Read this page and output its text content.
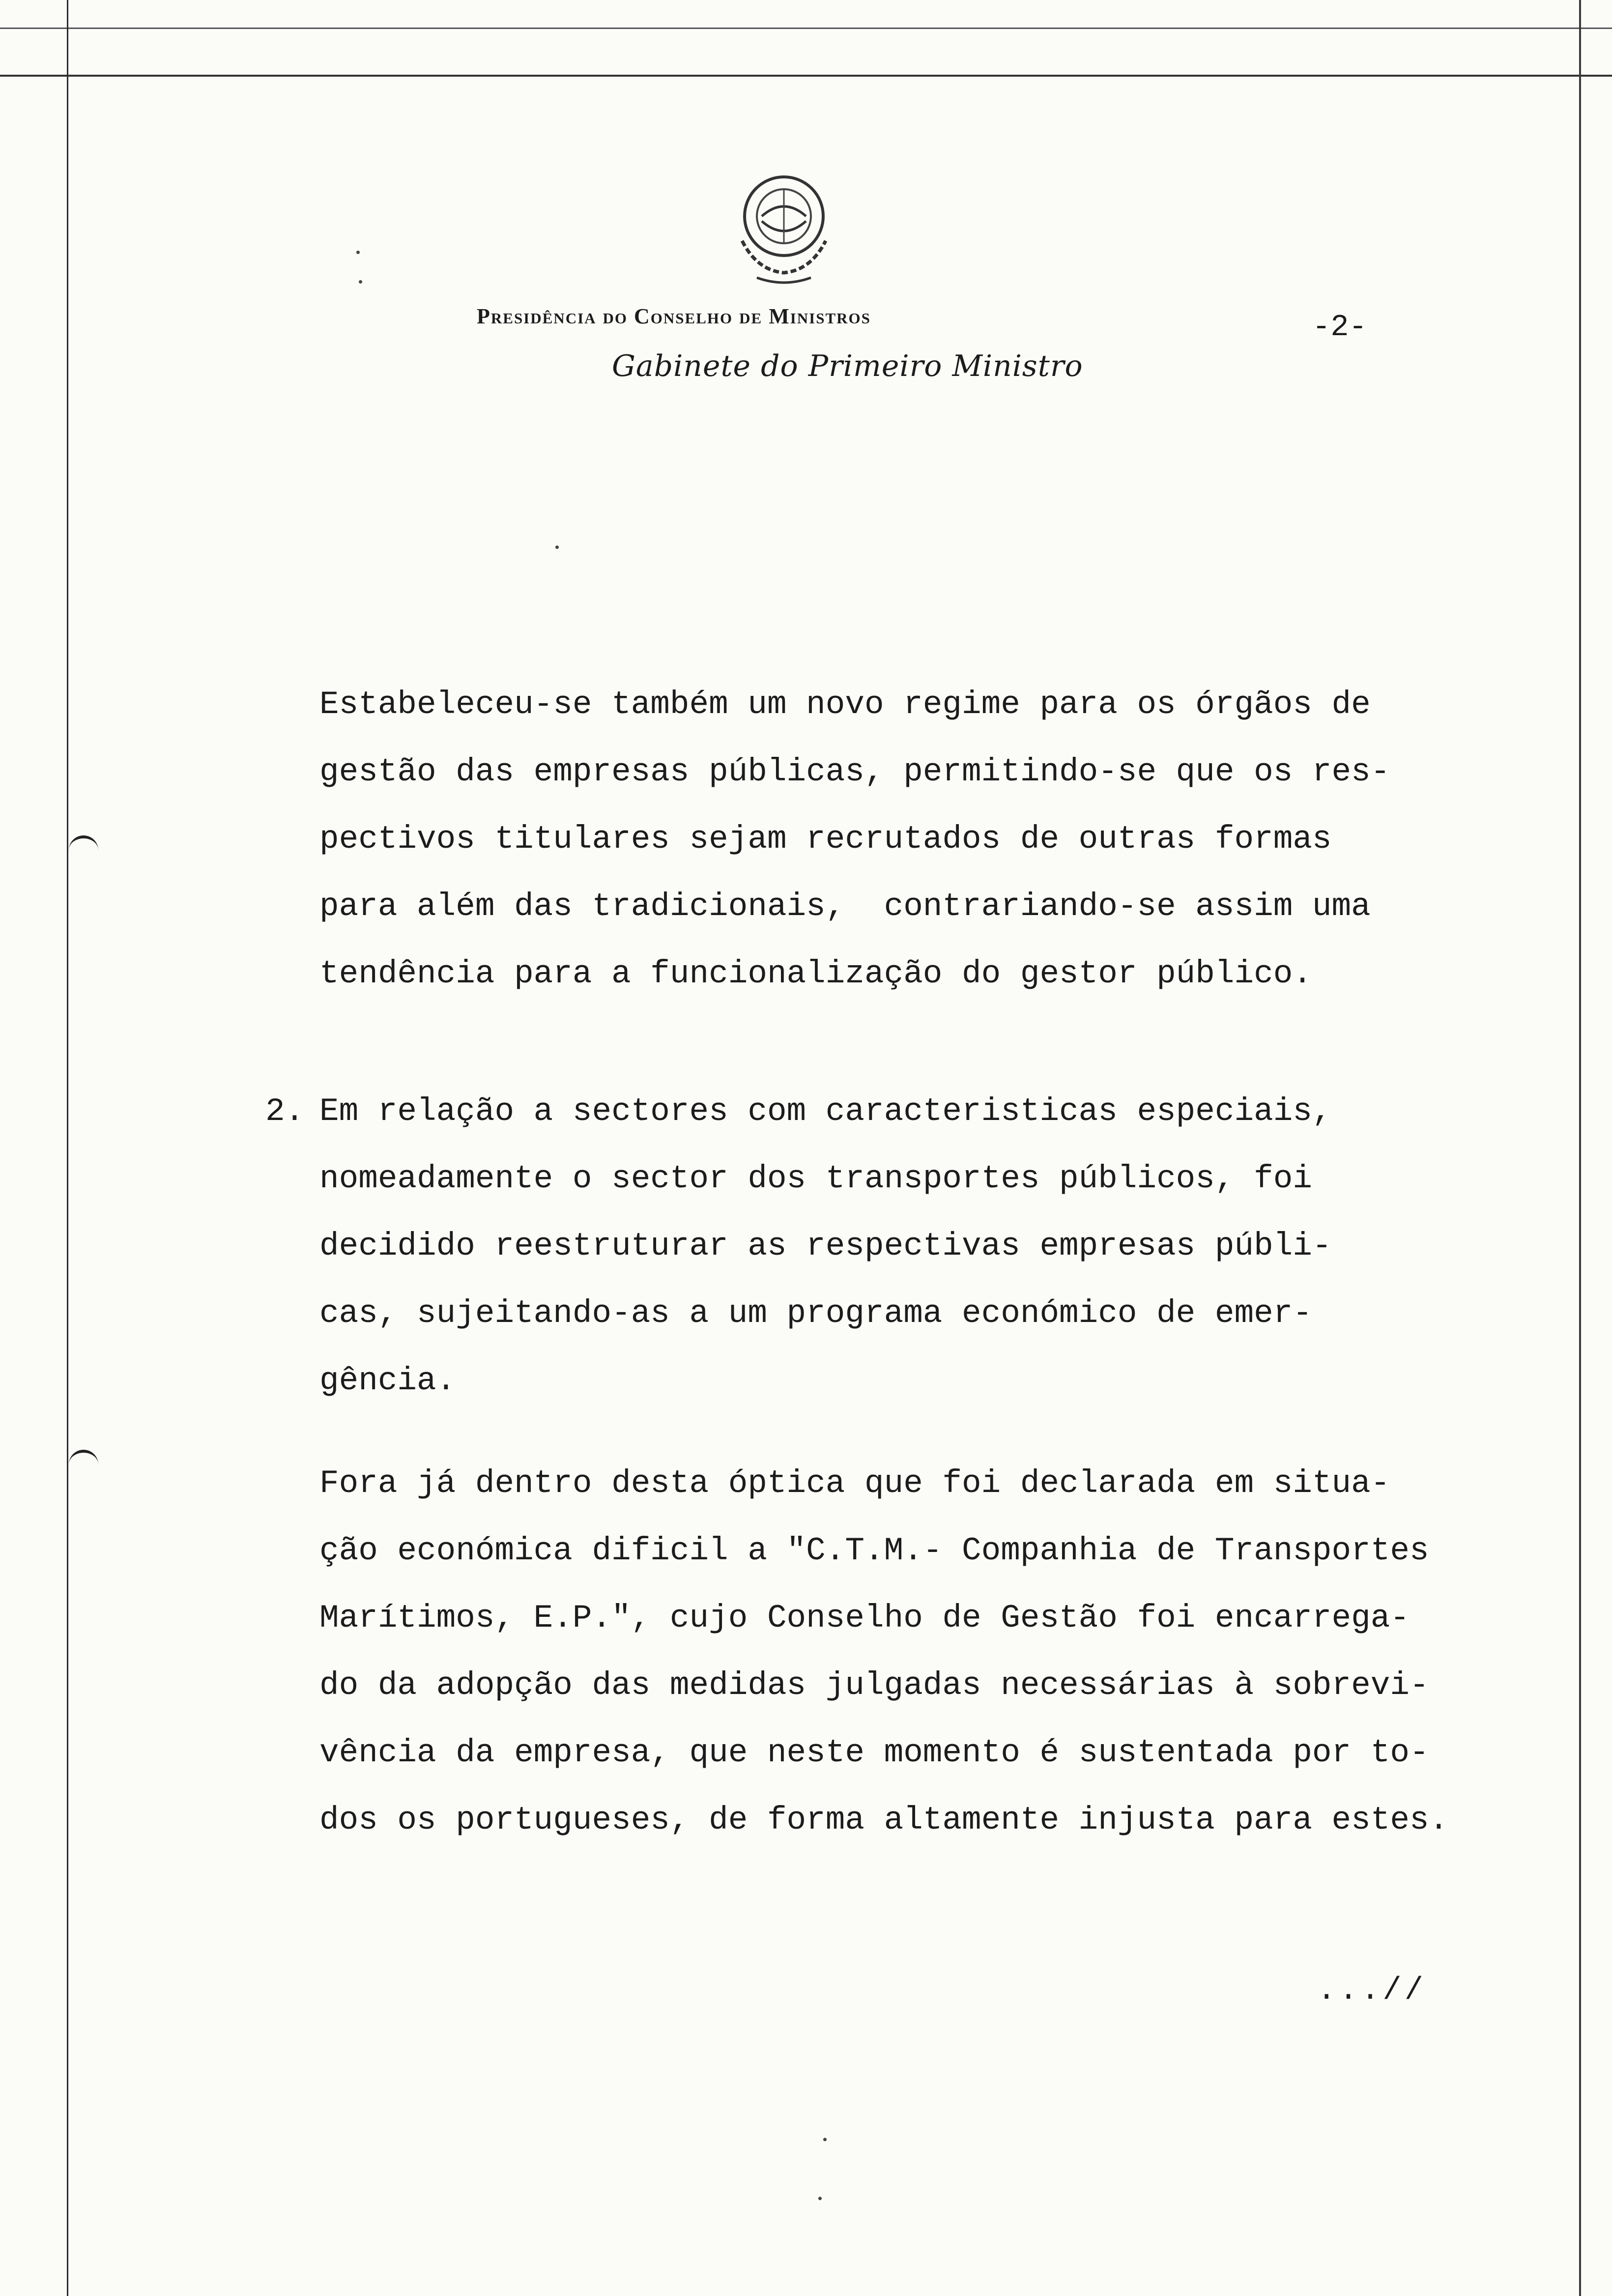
Presidência do Conselho de Ministros	-2-
Gabinete do Primeiro Ministro
Estabeleceu-se também um novo regime para os órgãos de
gestão das empresas públicas, permitindo-se que os res-
pectivos titulares sejam recrutados de outras formas
para além das tradicionais,  contrariando-se assim uma
tendência para a funcionalização do gestor público.
2. Em relação a sectores com caracteristicas especiais,
nomeadamente o sector dos transportes públicos, foi
decidido reestruturar as respectivas empresas públi-
cas, sujeitando-as a um programa económico de emer-
gência.
Fora já dentro desta óptica que foi declarada em situa-
ção económica dificil a "C.T.M.- Companhia de Transportes
Marítimos, E.P.", cujo Conselho de Gestão foi encarrega-
do da adopção das medidas julgadas necessárias à sobrevi-
vência da empresa, que neste momento é sustentada por to-
dos os portugueses, de forma altamente injusta para estes.
...//
